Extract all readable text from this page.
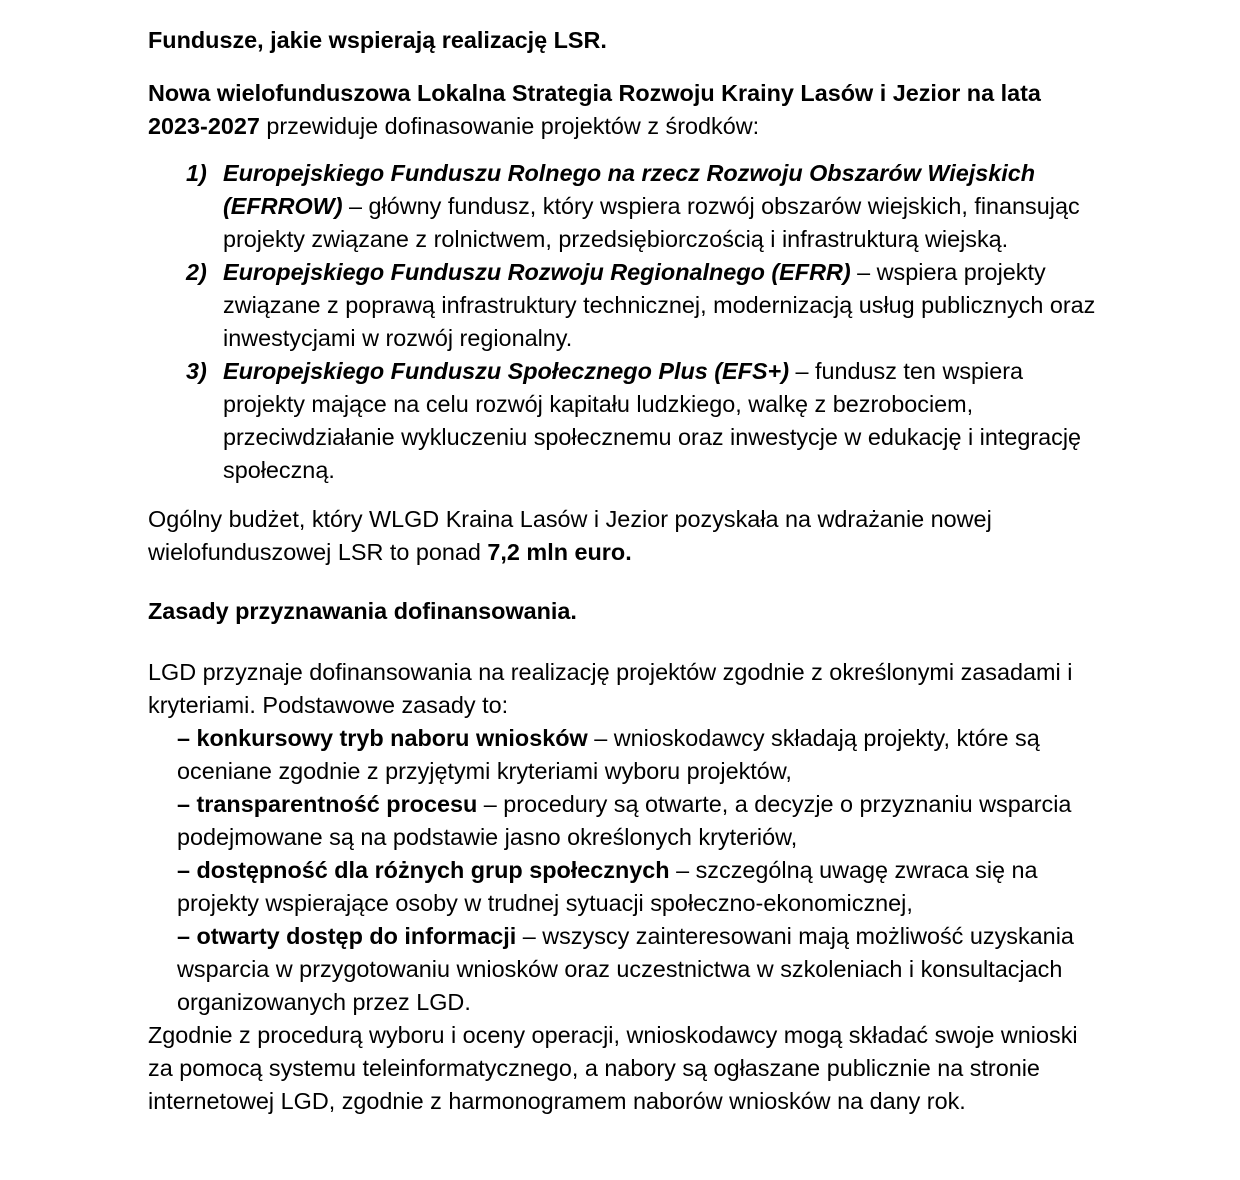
Fundusze, jakie wspierają realizację LSR.

Nowa wielofunduszowa Lokalna Strategia Rozwoju Krainy Lasów i Jezior na lata 2023-2027 przewiduje dofinasowanie projektów z środków:

1) Europejskiego Funduszu Rolnego na rzecz Rozwoju Obszarów Wiejskich (EFRROW) – główny fundusz, który wspiera rozwój obszarów wiejskich, finansując projekty związane z rolnictwem, przedsiębiorczością i infrastrukturą wiejską.
2) Europejskiego Funduszu Rozwoju Regionalnego (EFRR) – wspiera projekty związane z poprawą infrastruktury technicznej, modernizacją usług publicznych oraz inwestycjami w rozwój regionalny.
3) Europejskiego Funduszu Społecznego Plus (EFS+) – fundusz ten wspiera projekty mające na celu rozwój kapitału ludzkiego, walkę z bezrobociem, przeciwdziałanie wykluczeniu społecznemu oraz inwestycje w edukację i integrację społeczną.

Ogólny budżet, który WLGD Kraina Lasów i Jezior pozyskała na wdrażanie nowej wielofunduszowej LSR to ponad 7,2 mln euro.

Zasady przyznawania dofinansowania.

LGD przyznaje dofinansowania na realizację projektów zgodnie z określonymi zasadami i kryteriami. Podstawowe zasady to:

– konkursowy tryb naboru wniosków – wnioskodawcy składają projekty, które są oceniane zgodnie z przyjętymi kryteriami wyboru projektów,
– transparentność procesu – procedury są otwarte, a decyzje o przyznaniu wsparcia podejmowane są na podstawie jasno określonych kryteriów,
– dostępność dla różnych grup społecznych – szczególną uwagę zwraca się na projekty wspierające osoby w trudnej sytuacji społeczno-ekonomicznej,
– otwarty dostęp do informacji – wszyscy zainteresowani mają możliwość uzyskania wsparcia w przygotowaniu wniosków oraz uczestnictwa w szkoleniach i konsultacjach organizowanych przez LGD.

Zgodnie z procedurą wyboru i oceny operacji, wnioskodawcy mogą składać swoje wnioski za pomocą systemu teleinformatycznego, a nabory są ogłaszane publicznie na stronie internetowej LGD, zgodnie z harmonogramem naborów wniosków na dany rok.
